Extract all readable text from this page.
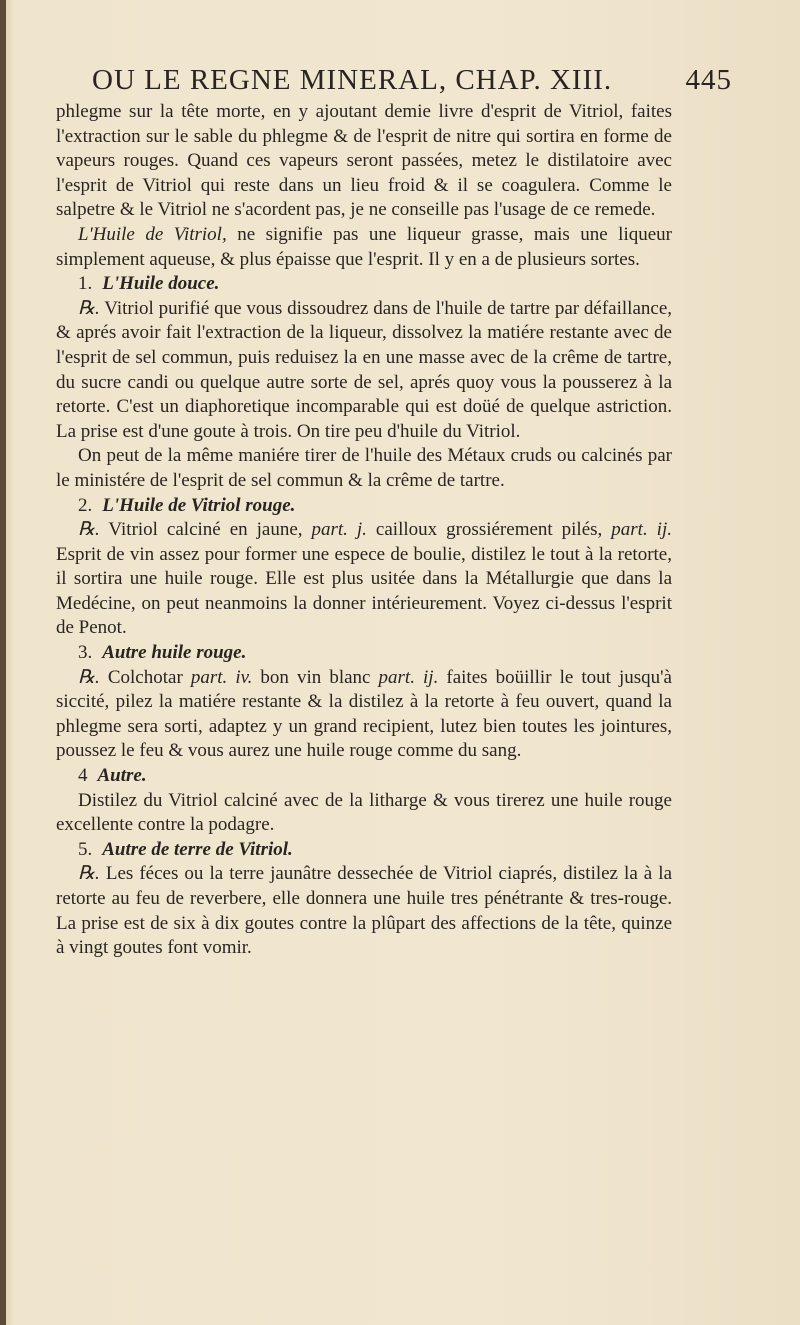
OU LE REGNE MINERAL, CHAP. XIII.	445

phlegme sur la tête morte, en y ajoutant demie livre d'esprit de Vitriol, faites l'extraction sur le sable du phlegme & de l'esprit de nitre qui sortira en forme de vapeurs rouges. Quand ces vapeurs seront passées, metez le distilatoire avec l'esprit de Vitriol qui reste dans un lieu froid & il se coagulera. Comme le salpetre & le Vitriol ne s'acordent pas, je ne conseille pas l'usage de ce remede.

L'Huile de Vitriol, ne signifie pas une liqueur grasse, mais une liqueur simplement aqueuse, & plus épaisse que l'esprit. Il y en a de plusieurs sortes.

1. L'Huile douce.

℞. Vitriol purifié que vous dissoudrez dans de l'huile de tartre par défaillance, & aprés avoir fait l'extraction de la liqueur, dissolvez la matiére restante avec de l'esprit de sel commun, puis reduisez la en une masse avec de la crême de tartre, du sucre candi ou quelque autre sorte de sel, aprés quoy vous la pousserez à la retorte. C'est un diaphoretique incomparable qui est doüé de quelque astriction. La prise est d'une goute à trois. On tire peu d'huile du Vitriol.

On peut de la même maniére tirer de l'huile des Métaux cruds ou calcinés par le ministére de l'esprit de sel commun & la crême de tartre.

2. L'Huile de Vitriol rouge.

℞. Vitriol calciné en jaune, part. j. cailloux grossiérement pilés, part. ij. Esprit de vin assez pour former une espece de boulie, distilez le tout à la retorte, il sortira une huile rouge. Elle est plus usitée dans la Métallurgie que dans la Medécine, on peut neanmoins la donner intérieurement. Voyez ci-dessus l'esprit de Penot.

3. Autre huile rouge.

℞. Colchotar part. iv. bon vin blanc part. ij. faites boüillir le tout jusqu'à siccité, pilez la matiére restante & la distilez à la retorte à feu ouvert, quand la phlegme sera sorti, adaptez y un grand recipient, lutez bien toutes les jointures, poussez le feu & vous aurez une huile rouge comme du sang.

4 Autre.

Distilez du Vitriol calciné avec de la litharge & vous tirerez une huile rouge excellente contre la podagre.

5. Autre de terre de Vitriol.

℞. Les féces ou la terre jaunâtre dessechée de Vitriol ciaprés, distilez la à la retorte au feu de reverbere, elle donnera une huile tres pénétrante & tres-rouge. La prise est de six à dix goutes contre la plûpart des affections de la tête, quinze à vingt goutes font vomir.
